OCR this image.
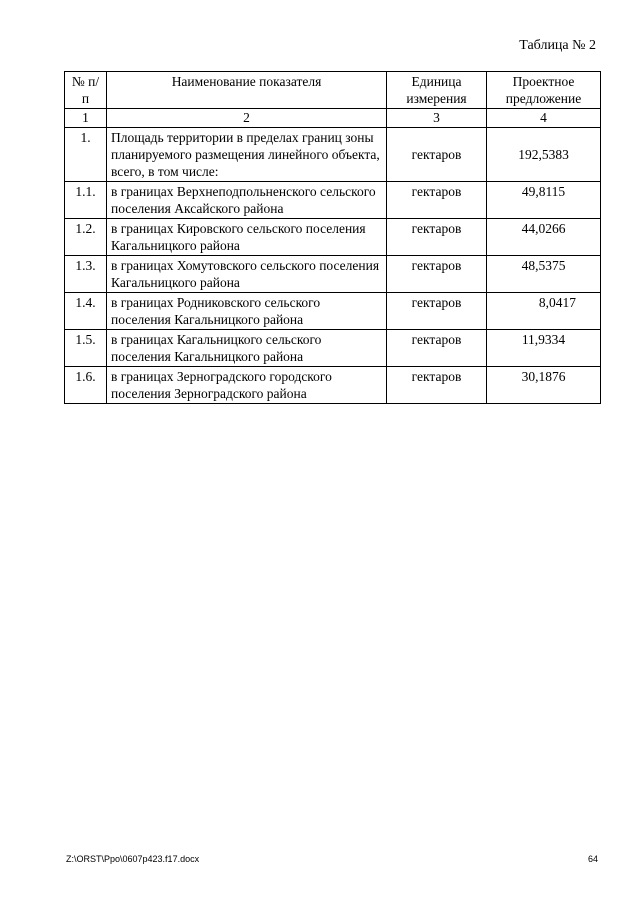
Таблица № 2
№ п/п	Наименование показателя	Единица измерения	Проектное предложение
1	2	3	4
1.	Площадь территории в пределах границ зоны планируемого размещения линейного объекта, всего, в том числе:	гектаров	192,5383
1.1.	в границах Верхнеподпольненского сельского поселения Аксайского района	гектаров	49,8115
1.2.	в границах Кировского сельского поселения Кагальницкого района	гектаров	44,0266
1.3.	в границах Хомутовского сельского поселения Кагальницкого района	гектаров	48,5375
1.4.	в границах Родниковского сельского поселения Кагальницкого района	гектаров	8,0417
1.5.	в границах Кагальницкого сельского поселения Кагальницкого района	гектаров	11,9334
1.6.	в границах Зерноградского городского поселения Зерноградского района	гектаров	30,1876
Z:\ORST\Ppo\0607p423.f17.docx	64
